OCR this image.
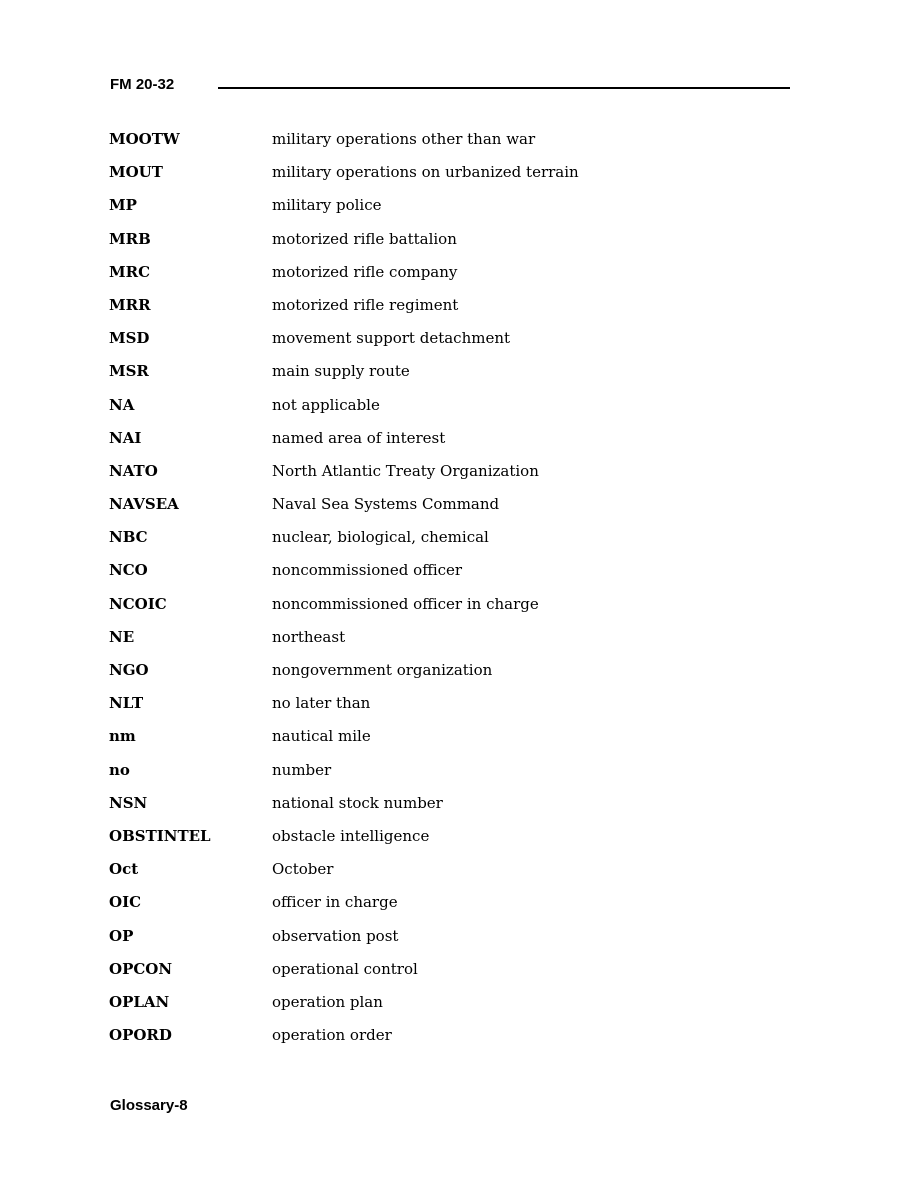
FM 20-32
MOOTW	military operations other than war
MOUT	military operations on urbanized terrain
MP	military police
MRB	motorized rifle battalion
MRC	motorized rifle company
MRR	motorized rifle regiment
MSD	movement support detachment
MSR	main supply route
NA	not applicable
NAI	named area of interest
NATO	North Atlantic Treaty Organization
NAVSEA	Naval Sea Systems Command
NBC	nuclear, biological, chemical
NCO	noncommissioned officer
NCOIC	noncommissioned officer in charge
NE	northeast
NGO	nongovernment organization
NLT	no later than
nm	nautical mile
no	number
NSN	national stock number
OBSTINTEL	obstacle intelligence
Oct	October
OIC	officer in charge
OP	observation post
OPCON	operational control
OPLAN	operation plan
OPORD	operation order
Glossary-8
